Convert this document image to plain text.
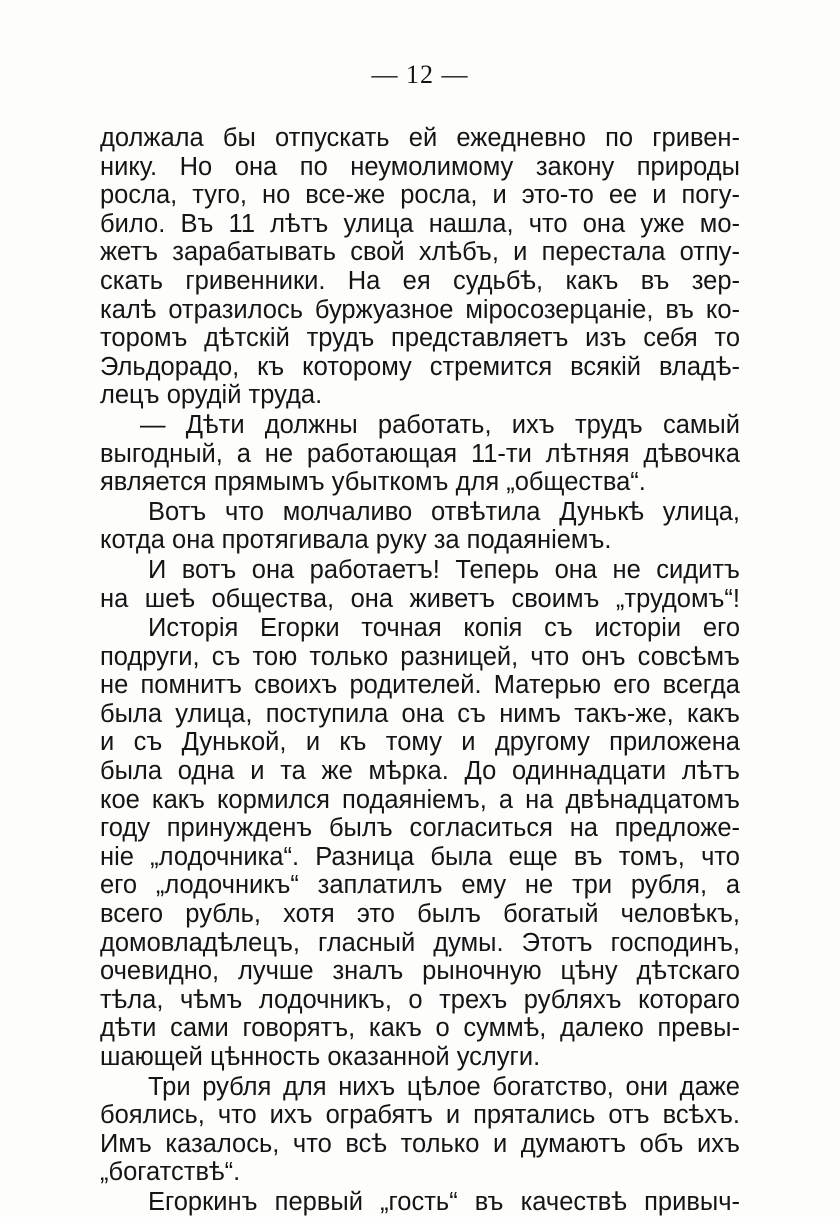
— 12 —
должала бы отпускать ей ежедневно по гривен-
нику. Но она по неумолимому закону природы
росла, туго, но все-же росла, и это-то ее и погу-
било. Въ 11 лѣтъ улица нашла, что она уже мо-
жетъ зарабатывать свой хлѣбъ, и перестала отпу-
скать гривенники. На ея судьбѣ, какъ въ зер-
калѣ отразилось буржуазное міросозерцаніе, въ ко-
торомъ дѣтскій трудъ представляетъ изъ себя то
Эльдорадо, къ которому стремится всякій владѣ-
лецъ орудій труда.
— Дѣти должны работать, ихъ трудъ самый
выгодный, а не работающая 11-ти лѣтняя дѣвочка
является прямымъ убыткомъ для „общества“.
Вотъ что молчаливо отвѣтила Дунькѣ улица,
котда она протягивала руку за подаяніемъ.
И вотъ она работаетъ! Теперь она не сидитъ
на шеѣ общества, она живетъ своимъ „трудомъ“!
Исторія Егорки точная копія съ исторіи его
подруги, съ тою только разницей, что онъ совсѣмъ
не помнитъ своихъ родителей. Матерью его всегда
была улица, поступила она съ нимъ такъ-же, какъ
и съ Дунькой, и къ тому и другому приложена
была одна и та же мѣрка. До одиннадцати лѣтъ
кое какъ кормился подаяніемъ, а на двѣнадцатомъ
году принужденъ былъ согласиться на предложе-
ніе „лодочника“. Разница была еще въ томъ, что
его „лодочникъ“ заплатилъ ему не три рубля, а
всего рубль, хотя это былъ богатый человѣкъ,
домовладѣлецъ, гласный думы. Этотъ господинъ,
очевидно, лучше зналъ рыночную цѣну дѣтскаго
тѣла, чѣмъ лодочникъ, о трехъ рубляхъ котораго
дѣти сами говорятъ, какъ о суммѣ, далеко превы-
шающей цѣнность оказанной услуги.
Три рубля для нихъ цѣлое богатство, они даже
боялись, что ихъ ограбятъ и прятались отъ всѣхъ.
Имъ казалось, что всѣ только и думаютъ объ ихъ
„богатствѣ“.
Егоркинъ первый „гость“ въ качествѣ привыч-
